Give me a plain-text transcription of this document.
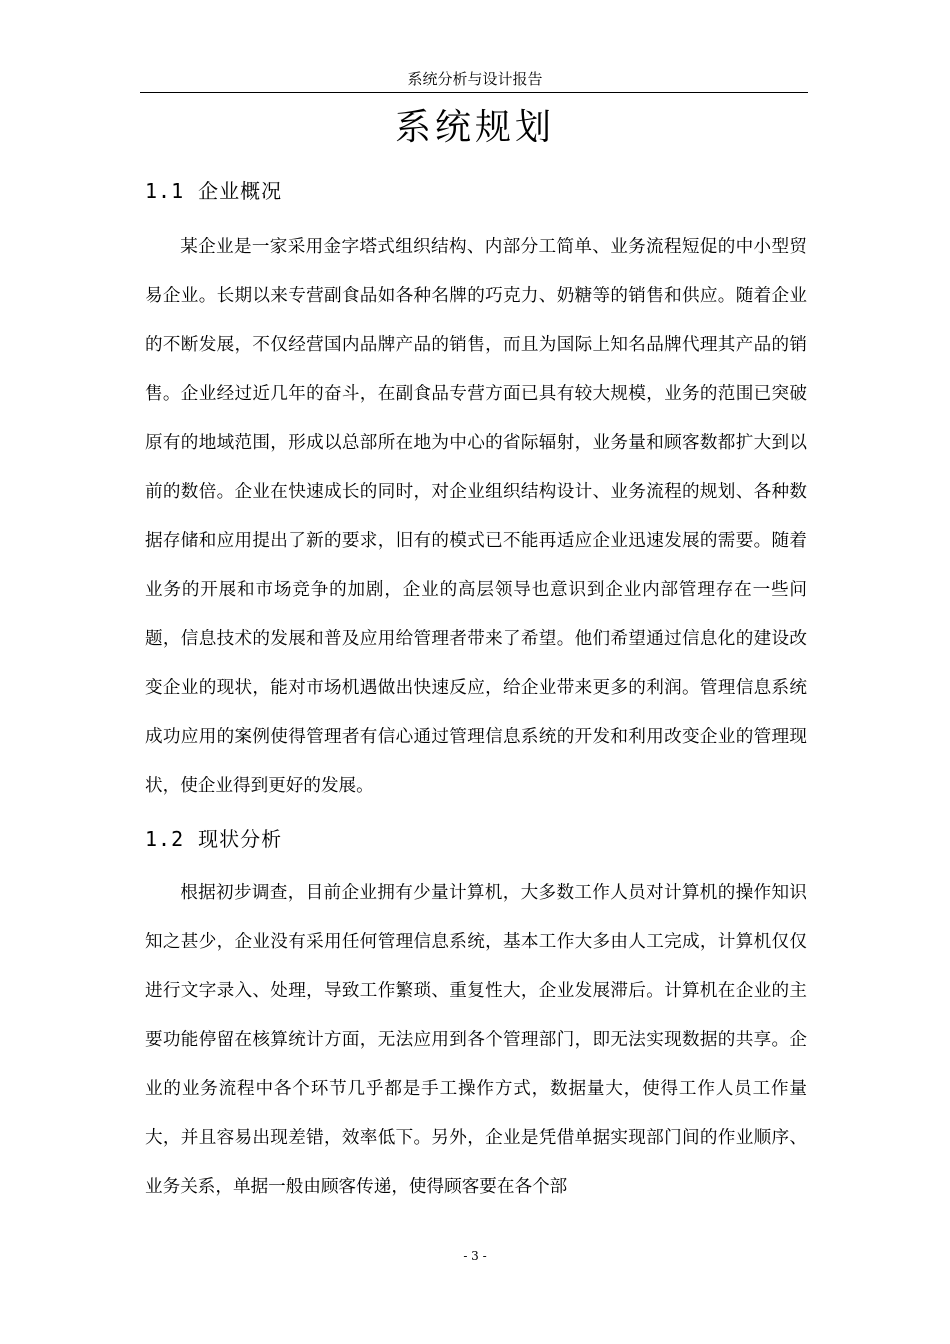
系统分析与设计报告
系统规划
1.1 企业概况

某企业是一家采用金字塔式组织结构、内部分工简单、业务流程短促的中小型贸易企业。长期以来专营副食品如各种名牌的巧克力、奶糖等的销售和供应。随着企业的不断发展，不仅经营国内品牌产品的销售，而且为国际上知名品牌代理其产品的销售。企业经过近几年的奋斗，在副食品专营方面已具有较大规模，业务的范围已突破原有的地域范围，形成以总部所在地为中心的省际辐射，业务量和顾客数都扩大到以前的数倍。企业在快速成长的同时，对企业组织结构设计、业务流程的规划、各种数据存储和应用提出了新的要求，旧有的模式已不能再适应企业迅速发展的需要。随着业务的开展和市场竞争的加剧，企业的高层领导也意识到企业内部管理存在一些问题，信息技术的发展和普及应用给管理者带来了希望。他们希望通过信息化的建设改变企业的现状，能对市场机遇做出快速反应，给企业带来更多的利润。管理信息系统成功应用的案例使得管理者有信心通过管理信息系统的开发和利用改变企业的管理现状，使企业得到更好的发展。

1.2 现状分析

根据初步调查，目前企业拥有少量计算机，大多数工作人员对计算机的操作知识知之甚少，企业没有采用任何管理信息系统，基本工作大多由人工完成，计算机仅仅进行文字录入、处理，导致工作繁琐、重复性大，企业发展滞后。计算机在企业的主要功能停留在核算统计方面，无法应用到各个管理部门，即无法实现数据的共享。企业的业务流程中各个环节几乎都是手工操作方式，数据量大，使得工作人员工作量大，并且容易出现差错，效率低下。另外，企业是凭借单据实现部门间的作业顺序、业务关系，单据一般由顾客传递，使得顾客要在各个部

- 3 -
